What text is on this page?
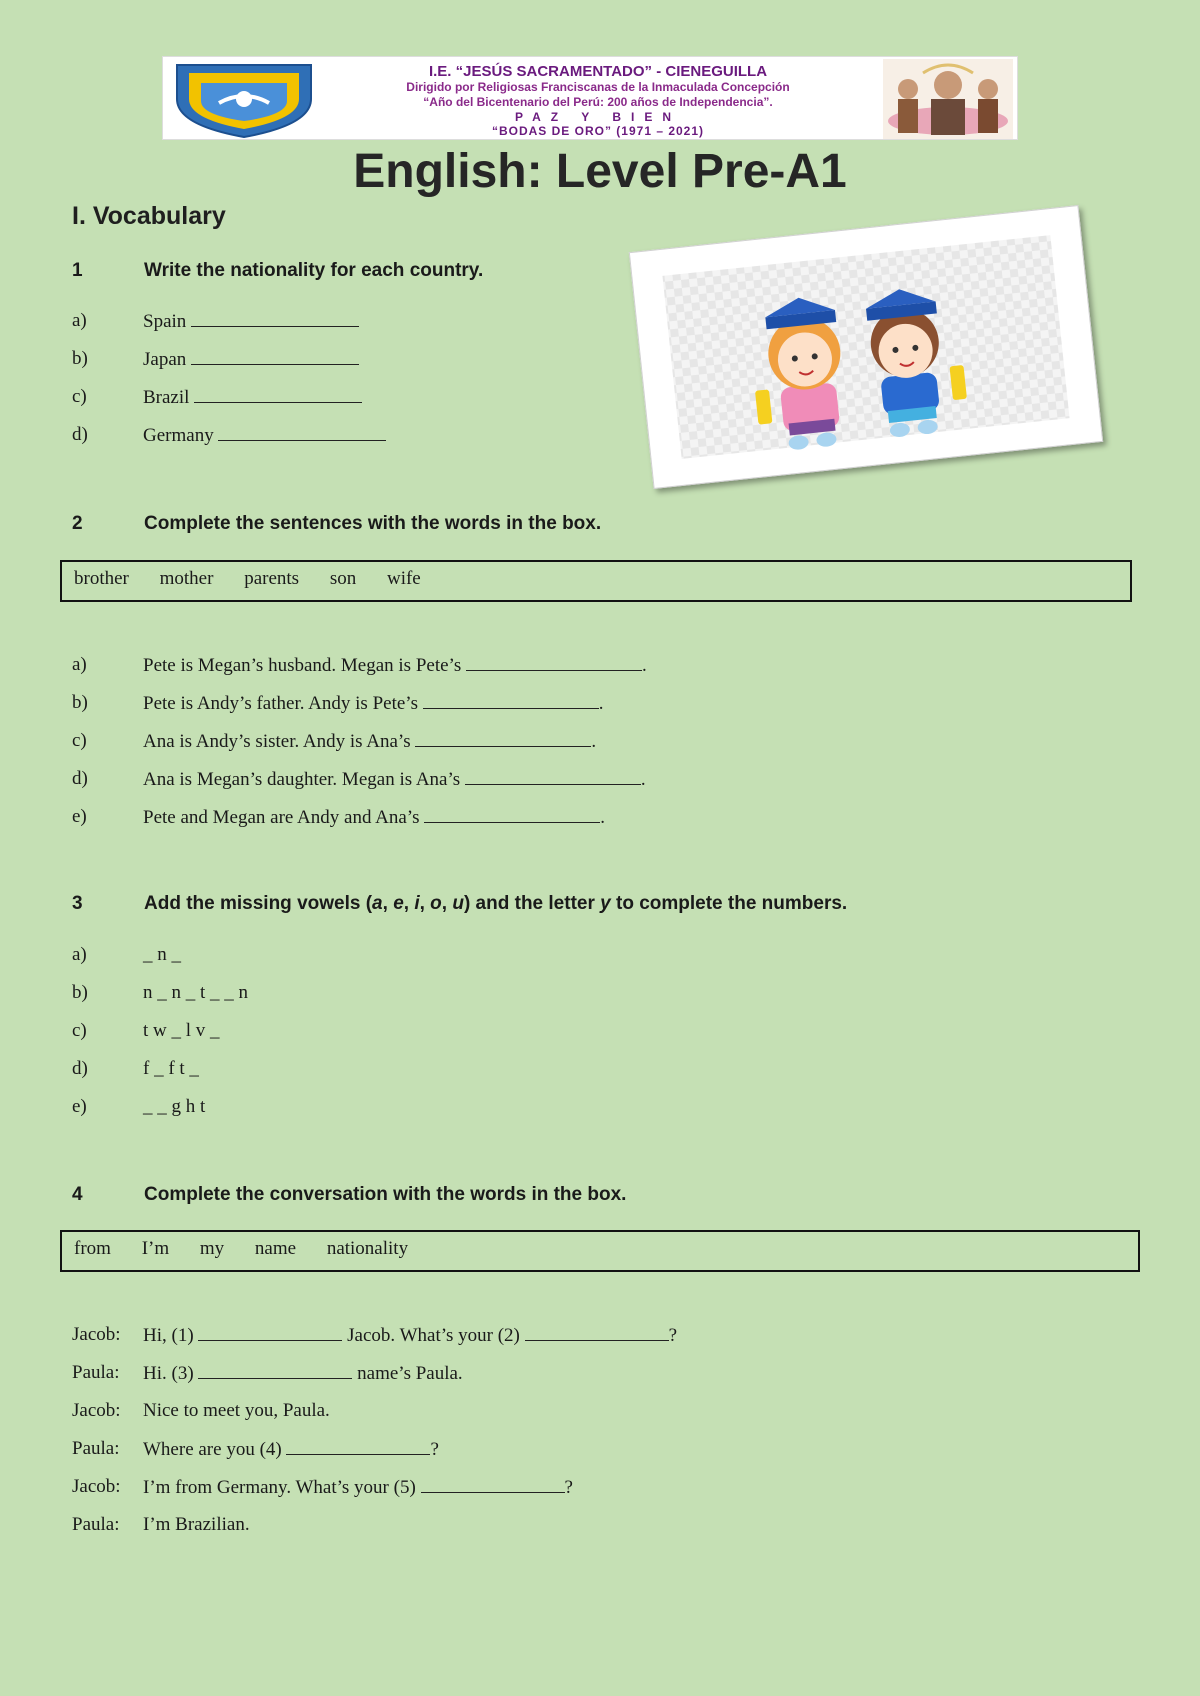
I.E. “JESÚS SACRAMENTADO” - CIENEGUILLA
Dirigido por Religiosas Franciscanas de la Inmaculada Concepción
“Año del Bicentenario del Perú: 200 años de Independencia”.
PAZ Y BIEN
“BODAS DE ORO” (1971 – 2021)
English: Level Pre-A1
I. Vocabulary
1	Write the nationality for each country.
a)	Spain
b)	Japan
c)	Brazil
d)	Germany
2	Complete the sentences with the words in the box.
brother mother parents son wife
a)	Pete is Megan’s husband. Megan is Pete’s	.
b)	Pete is Andy’s father. Andy is Pete’s	.
c)	Ana is Andy’s sister. Andy is Ana’s	.
d)	Ana is Megan’s daughter. Megan is Ana’s	.
e)	Pete and Megan are Andy and Ana’s	.
3	Add the missing vowels (a, e, i, o, u) and the letter y to complete the numbers.
a)	_ n _
b)	n _ n _ t _ _ n
c)	t w _ l v _
d)	f _ f t _
e)	_ _ g h t
4	Complete the conversation with the words in the box.
from I’m my name nationality
Jacob: Hi, (1)	Jacob. What’s your (2)	?
Paula: Hi. (3)	name’s Paula.
Jacob: Nice to meet you, Paula.
Paula: Where are you (4)	?
Jacob: I’m from Germany. What’s your (5)	?
Paula: I’m Brazilian.
